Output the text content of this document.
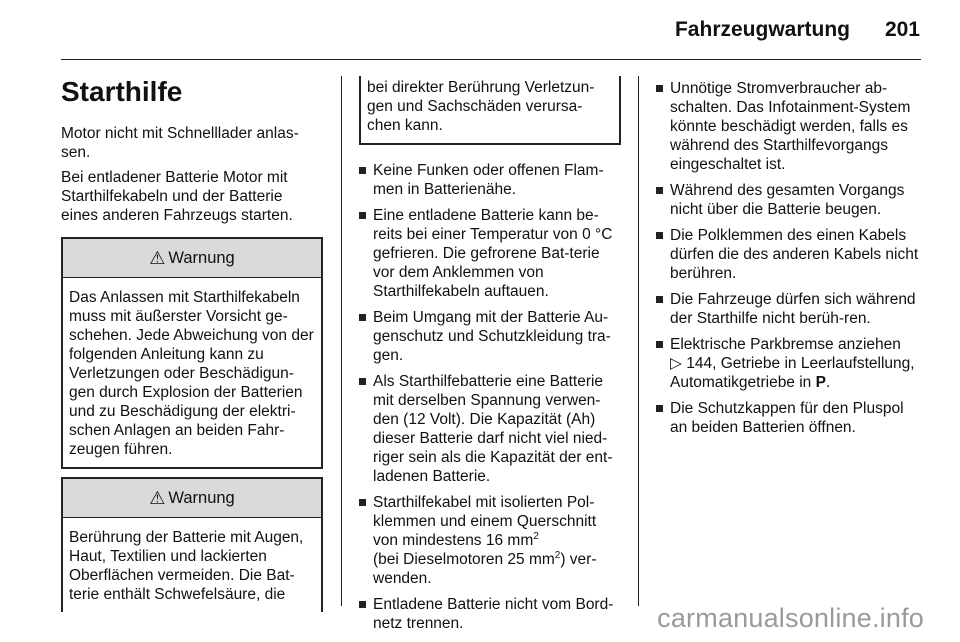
Fahrzeugwartung 201
Starthilfe

Motor nicht mit Schnelllader anlas-sen.

Bei entladener Batterie Motor mit Starthilfekabeln und der Batterie eines anderen Fahrzeugs starten.

⚠ Warnung
Das Anlassen mit Starthilfekabeln muss mit äußerster Vorsicht ge-schehen. Jede Abweichung von der folgenden Anleitung kann zu Verletzungen oder Beschädigun-gen durch Explosion der Batterien und zu Beschädigung der elektri-schen Anlagen an beiden Fahr-zeugen führen.
⚠ Warnung
Berührung der Batterie mit Augen, Haut, Textilien und lackierten Oberflächen vermeiden. Die Bat-terie enthält Schwefelsäure, die
bei direkter Berührung Verletzun-gen und Sachschäden verursa-chen kann.
Keine Funken oder offenen Flam-men in Batterienähe.
Eine entladene Batterie kann be-reits bei einer Temperatur von 0 °C gefrieren. Die gefrorene Bat-terie vor dem Anklemmen von Starthilfekabeln auftauen.
Beim Umgang mit der Batterie Au-genschutz und Schutzkleidung tra-gen.
Als Starthilfebatterie eine Batterie mit derselben Spannung verwen-den (12 Volt). Die Kapazität (Ah) dieser Batterie darf nicht viel nied-riger sein als die Kapazität der ent-ladenen Batterie.
Starthilfekabel mit isolierten Pol-klemmen und einem Querschnitt von mindestens 16 $mm^2$
(bei Dieselmotoren 25 $mm^2$) ver-wenden.
Entladene Batterie nicht vom Bord-netz trennen.
Unnötige Stromverbraucher ab-schalten. Das Infotainment-System könnte beschädigt werden, falls es während des Starthilfevorgangs eingeschaltet ist.
Während des gesamten Vorgangs nicht über die Batterie beugen.
Die Polklemmen des einen Kabels dürfen die des anderen Kabels nicht berühren.
Die Fahrzeuge dürfen sich während der Starthilfe nicht berüh-ren.
Elektrische Parkbremse anziehen
▷ 144, Getriebe in Leerlaufstellung, Automatikgetriebe in P.
Die Schutzkappen für den Pluspol an beiden Batterien öffnen.
carmanualsonline.info
